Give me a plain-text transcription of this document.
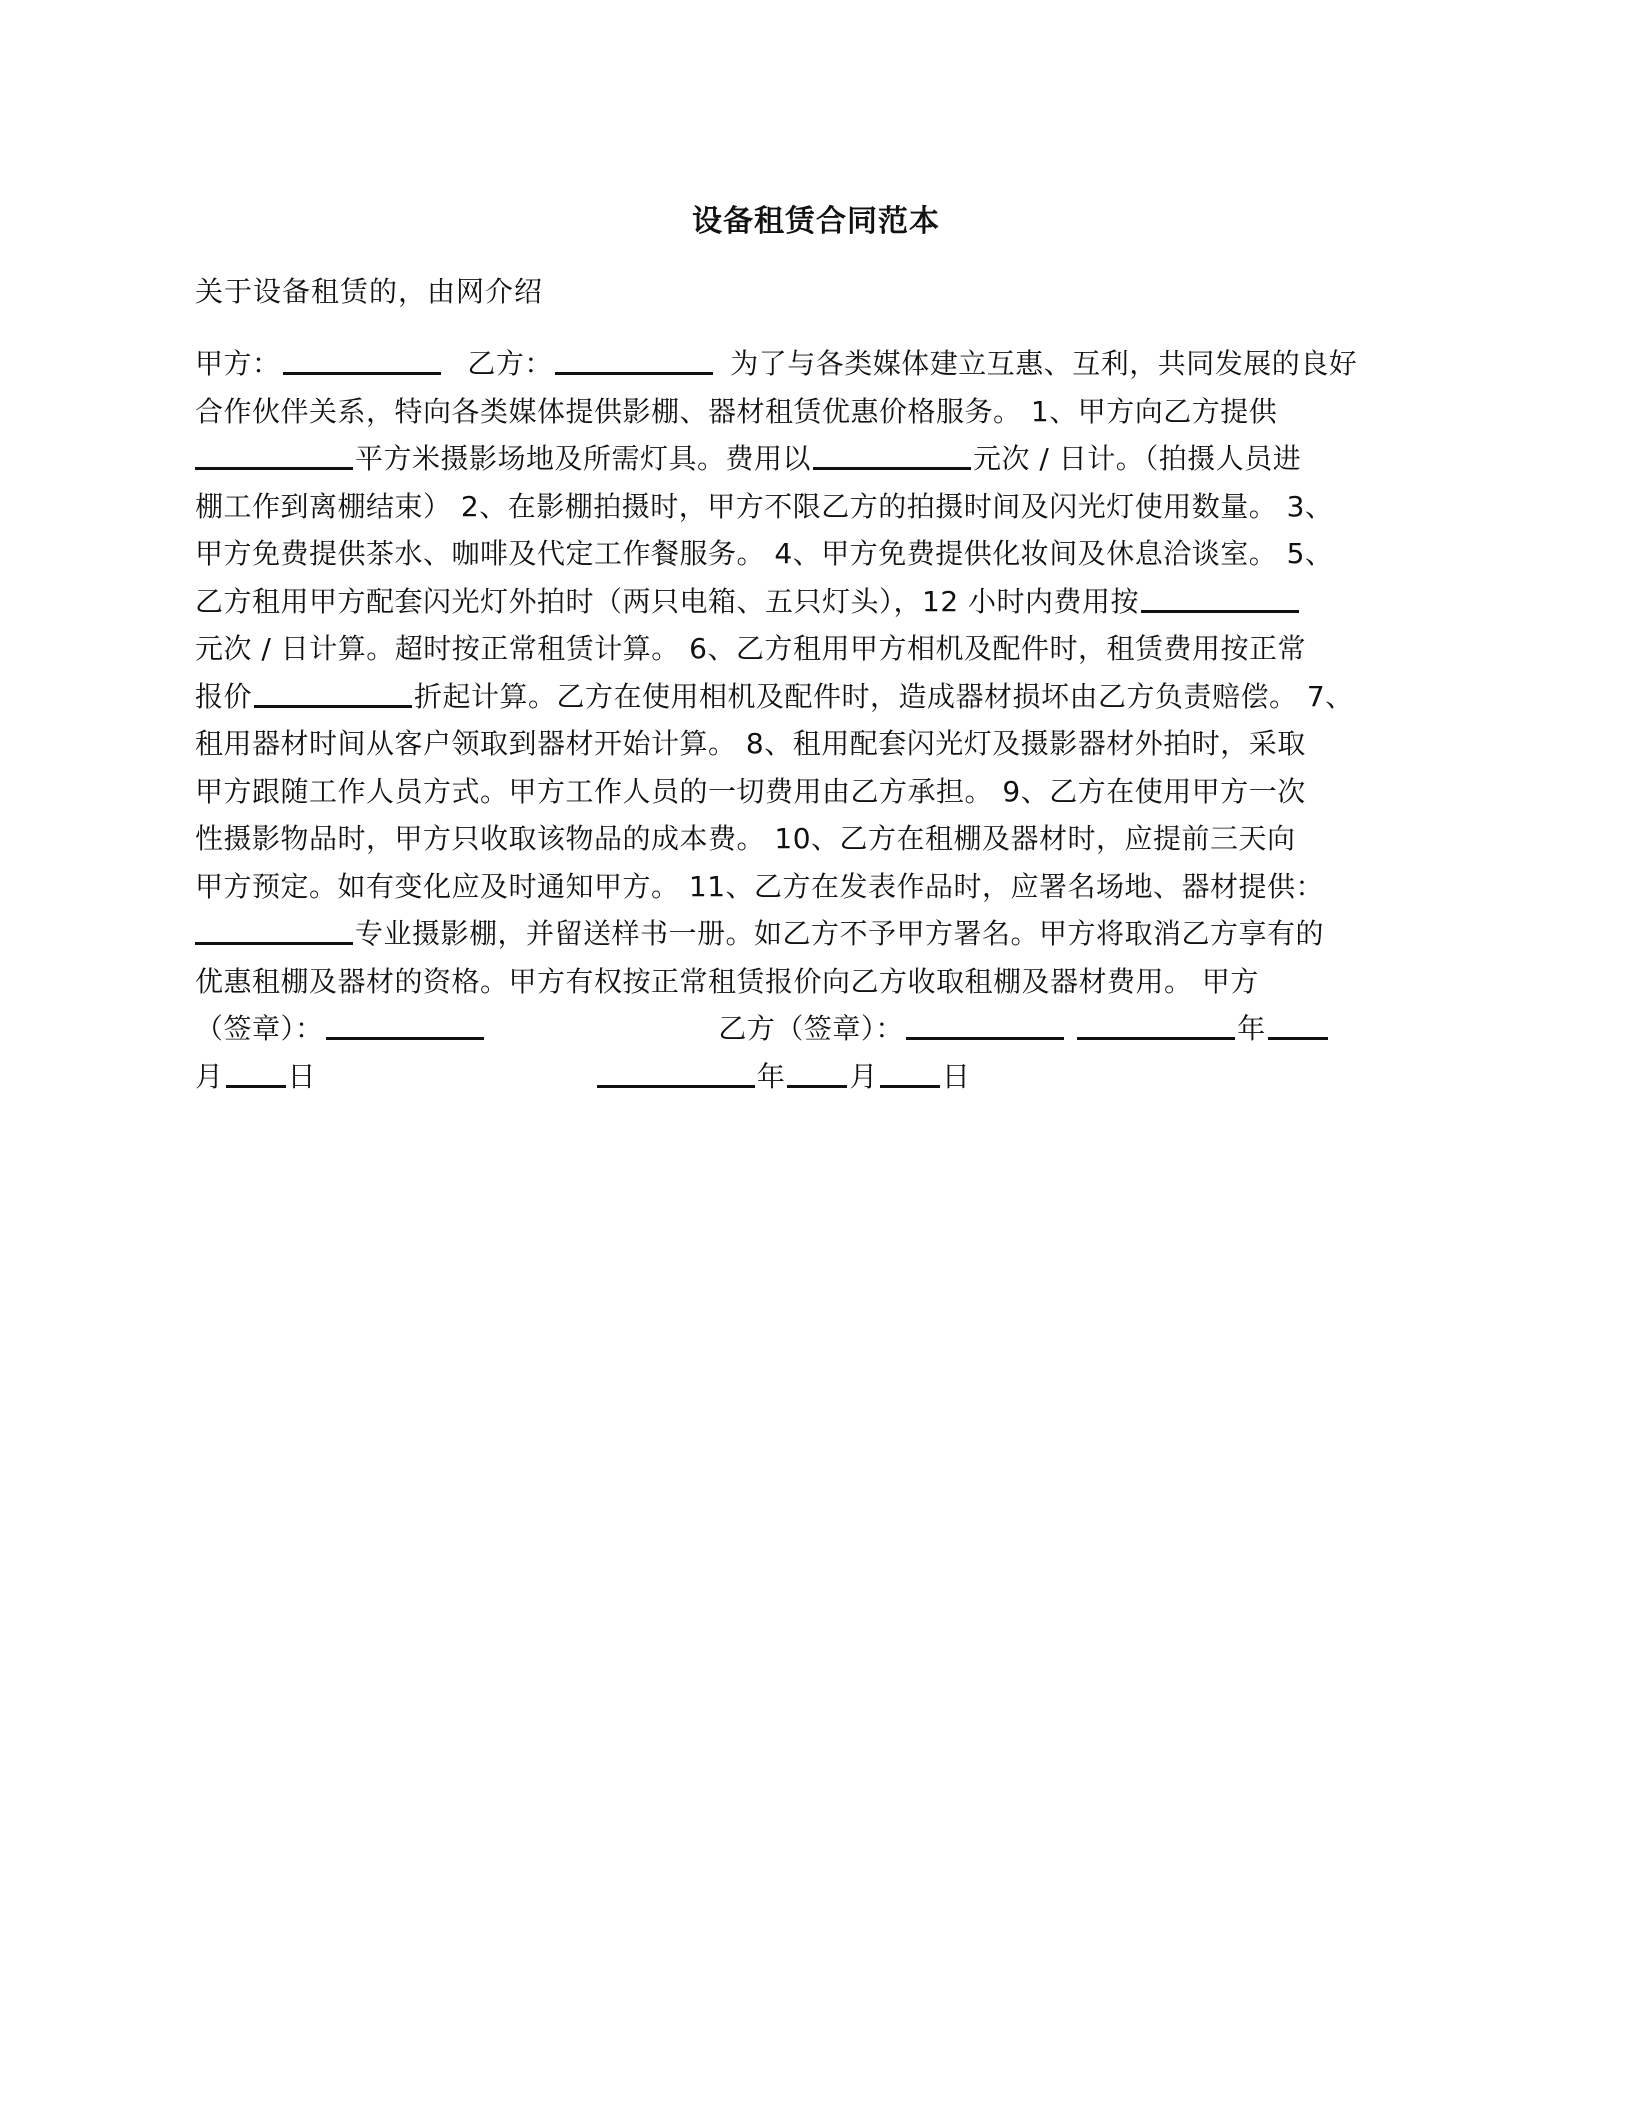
设备租赁合同范本
关于设备租赁的，由网介绍
甲方：	乙方：	为了与各类媒体建立互惠、互利，共同发展的良好
合作伙伴关系，特向各类媒体提供影棚、器材租赁优惠价格服务。 1、甲方向乙方提供
平方米摄影场地及所需灯具。费用以	元次 / 日计。（拍摄人员进
棚工作到离棚结束） 2、在影棚拍摄时，甲方不限乙方的拍摄时间及闪光灯使用数量。 3、
甲方免费提供茶水、咖啡及代定工作餐服务。 4、甲方免费提供化妆间及休息洽谈室。 5、
乙方租用甲方配套闪光灯外拍时（两只电箱、五只灯头），12 小时内费用按
元次 / 日计算。超时按正常租赁计算。 6、乙方租用甲方相机及配件时，租赁费用按正常
报价	折起计算。乙方在使用相机及配件时，造成器材损坏由乙方负责赔偿。 7、
租用器材时间从客户领取到器材开始计算。 8、租用配套闪光灯及摄影器材外拍时，采取
甲方跟随工作人员方式。甲方工作人员的一切费用由乙方承担。 9、乙方在使用甲方一次
性摄影物品时，甲方只收取该物品的成本费。 10、乙方在租棚及器材时，应提前三天向
甲方预定。如有变化应及时通知甲方。 11、乙方在发表作品时，应署名场地、器材提供：
专业摄影棚，并留送样书一册。如乙方不予甲方署名。甲方将取消乙方享有的
优惠租棚及器材的资格。甲方有权按正常租赁报价向乙方收取租棚及器材费用。 甲方
（签章）：	乙方（签章）：	年
月 日	年 月 日
